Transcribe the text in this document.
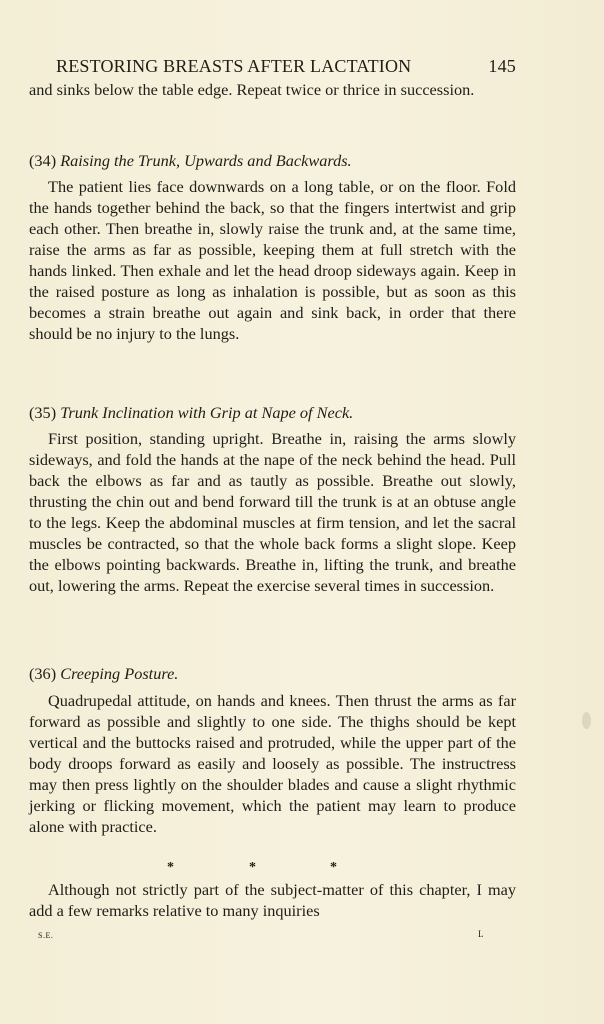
RESTORING BREASTS AFTER LACTATION	145

and sinks below the table edge. Repeat twice or thrice in succession.

(34) Raising the Trunk, Upwards and Backwards.

The patient lies face downwards on a long table, or on the floor. Fold the hands together behind the back, so that the fingers intertwist and grip each other. Then breathe in, slowly raise the trunk and, at the same time, raise the arms as far as possible, keeping them at full stretch with the hands linked. Then exhale and let the head droop sideways again. Keep in the raised posture as long as inhalation is possible, but as soon as this becomes a strain breathe out again and sink back, in order that there should be no injury to the lungs.

(35) Trunk Inclination with Grip at Nape of Neck.

First position, standing upright. Breathe in, raising the arms slowly sideways, and fold the hands at the nape of the neck behind the head. Pull back the elbows as far and as tautly as possible. Breathe out slowly, thrusting the chin out and bend forward till the trunk is at an obtuse angle to the legs. Keep the abdominal muscles at firm tension, and let the sacral muscles be contracted, so that the whole back forms a slight slope. Keep the elbows pointing backwards. Breathe in, lifting the trunk, and breathe out, lowering the arms. Repeat the exercise several times in succession.

(36) Creeping Posture.

Quadrupedal attitude, on hands and knees. Then thrust the arms as far forward as possible and slightly to one side. The thighs should be kept vertical and the buttocks raised and protruded, while the upper part of the body droops forward as easily and loosely as possible. The instructress may then press lightly on the shoulder blades and cause a slight rhythmic jerking or flicking movement, which the patient may learn to produce alone with practice.

*	*	*

Although not strictly part of the subject-matter of this chapter, I may add a few remarks relative to many inquiries

S.E.	L
